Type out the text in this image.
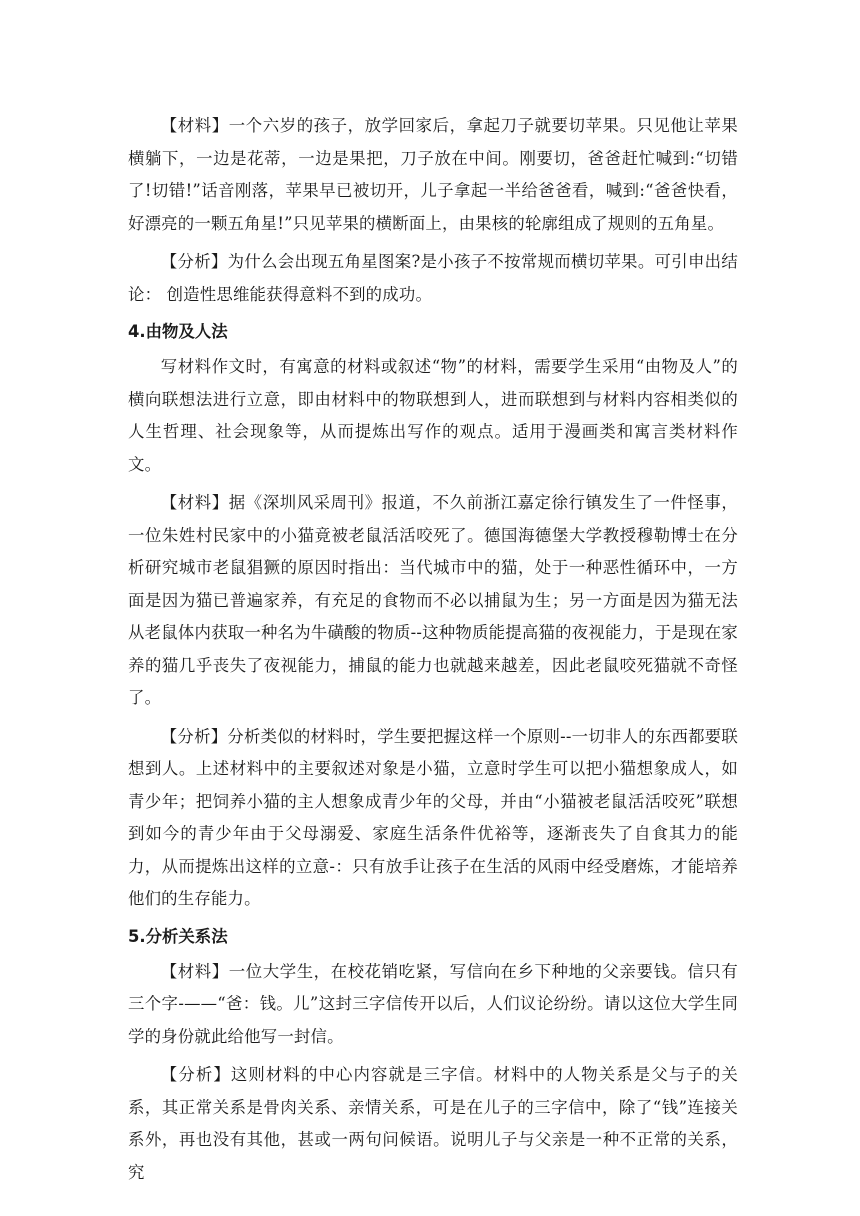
【材料】一个六岁的孩子，放学回家后，拿起刀子就要切苹果。只见他让苹果横躺下，一边是花蒂，一边是果把，刀子放在中间。刚要切，爸爸赶忙喊到:“切错了!切错!”话音刚落，苹果早已被切开，儿子拿起一半给爸爸看，喊到:“爸爸快看，好漂亮的一颗五角星!”只见苹果的横断面上，由果核的轮廓组成了规则的五角星。

【分析】为什么会出现五角星图案?是小孩子不按常规而横切苹果。可引申出结论： 创造性思维能获得意料不到的成功。

4.由物及人法

写材料作文时，有寓意的材料或叙述“物”的材料，需要学生采用“由物及人”的横向联想法进行立意，即由材料中的物联想到人，进而联想到与材料内容相类似的人生哲理、社会现象等，从而提炼出写作的观点。适用于漫画类和寓言类材料作文。

【材料】据《深圳风采周刊》报道，不久前浙江嘉定徐行镇发生了一件怪事，一位朱姓村民家中的小猫竟被老鼠活活咬死了。德国海德堡大学教授穆勒博士在分析研究城市老鼠猖獗的原因时指出：当代城市中的猫，处于一种恶性循环中，一方面是因为猫已普遍家养，有充足的食物而不必以捕鼠为生；另一方面是因为猫无法从老鼠体内获取一种名为牛磺酸的物质--这种物质能提高猫的夜视能力，于是现在家养的猫几乎丧失了夜视能力，捕鼠的能力也就越来越差，因此老鼠咬死猫就不奇怪了。

【分析】分析类似的材料时，学生要把握这样一个原则--一切非人的东西都要联想到人。上述材料中的主要叙述对象是小猫，立意时学生可以把小猫想象成人，如青少年；把饲养小猫的主人想象成青少年的父母，并由“小猫被老鼠活活咬死”联想到如今的青少年由于父母溺爱、家庭生活条件优裕等，逐渐丧失了自食其力的能力，从而提炼出这样的立意-：只有放手让孩子在生活的风雨中经受磨炼，才能培养他们的生存能力。

5.分析关系法

【材料】一位大学生，在校花销吃紧，写信向在乡下种地的父亲要钱。信只有三个字-——“爸：钱。儿”这封三字信传开以后，人们议论纷纷。请以这位大学生同学的身份就此给他写一封信。

【分析】这则材料的中心内容就是三字信。材料中的人物关系是父与子的关系，其正常关系是骨肉关系、亲情关系，可是在儿子的三字信中，除了“钱”连接关系外，再也没有其他，甚或一两句问候语。说明儿子与父亲是一种不正常的关系，究
